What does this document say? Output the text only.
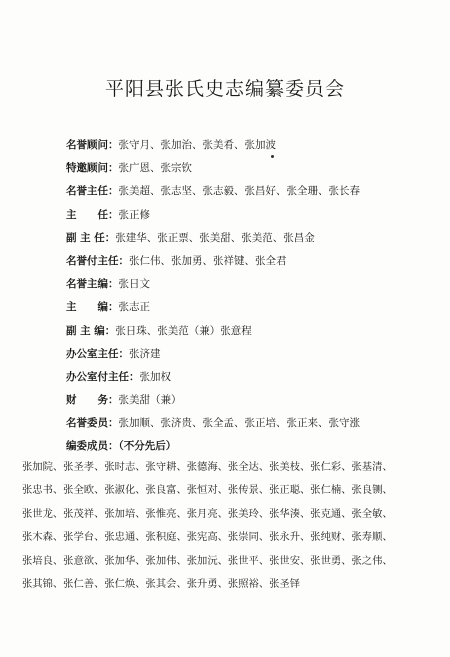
平阳县张氏史志编纂委员会
名誉顾问：张守月、张加治、张美肴、张加波
特邀顾问：张广恩、张宗钦
名誉主任：张美超、张志坚、张志毅、张昌好、张全珊、张长春
主　　任：张正修
副 主 任：张建华、张正票、张美甜、张美范、张昌金
名誉付主任：张仁伟、张加勇、张祥键、张全君
名誉主编：张日文
主　　编：张志正
副 主 编：张日珠、张美范（兼）张意程
办公室主任：张济建
办公室付主任：张加权
财　　务：张美甜（兼）
名誉委员：张加顺、张济贵、张全孟、张正培、张正来、张守涨
编委成员：（不分先后）
张加院、张圣孝、张时志、张守耕、张德海、张全达、张美枝、张仁彩、张基清、
张忠书、张全欧、张淑化、张良富、张恒对、张传景、张正聪、张仁楠、张良铡、
张世龙、张茂祥、张加培、张惟亮、张月亮、张美玲、张华湊、张克通、张全敏、
张木森、张学台、张忠通、张积庭、张宪高、张崇同、张永升、张纯财、张寿顺、
张培良、张意欲、张加华、张加伟、张加沅、张世平、张世安、张世勇、张之伟、
张其锦、张仁善、张仁焕、张其会、张升勇、张照裕、张圣铎
